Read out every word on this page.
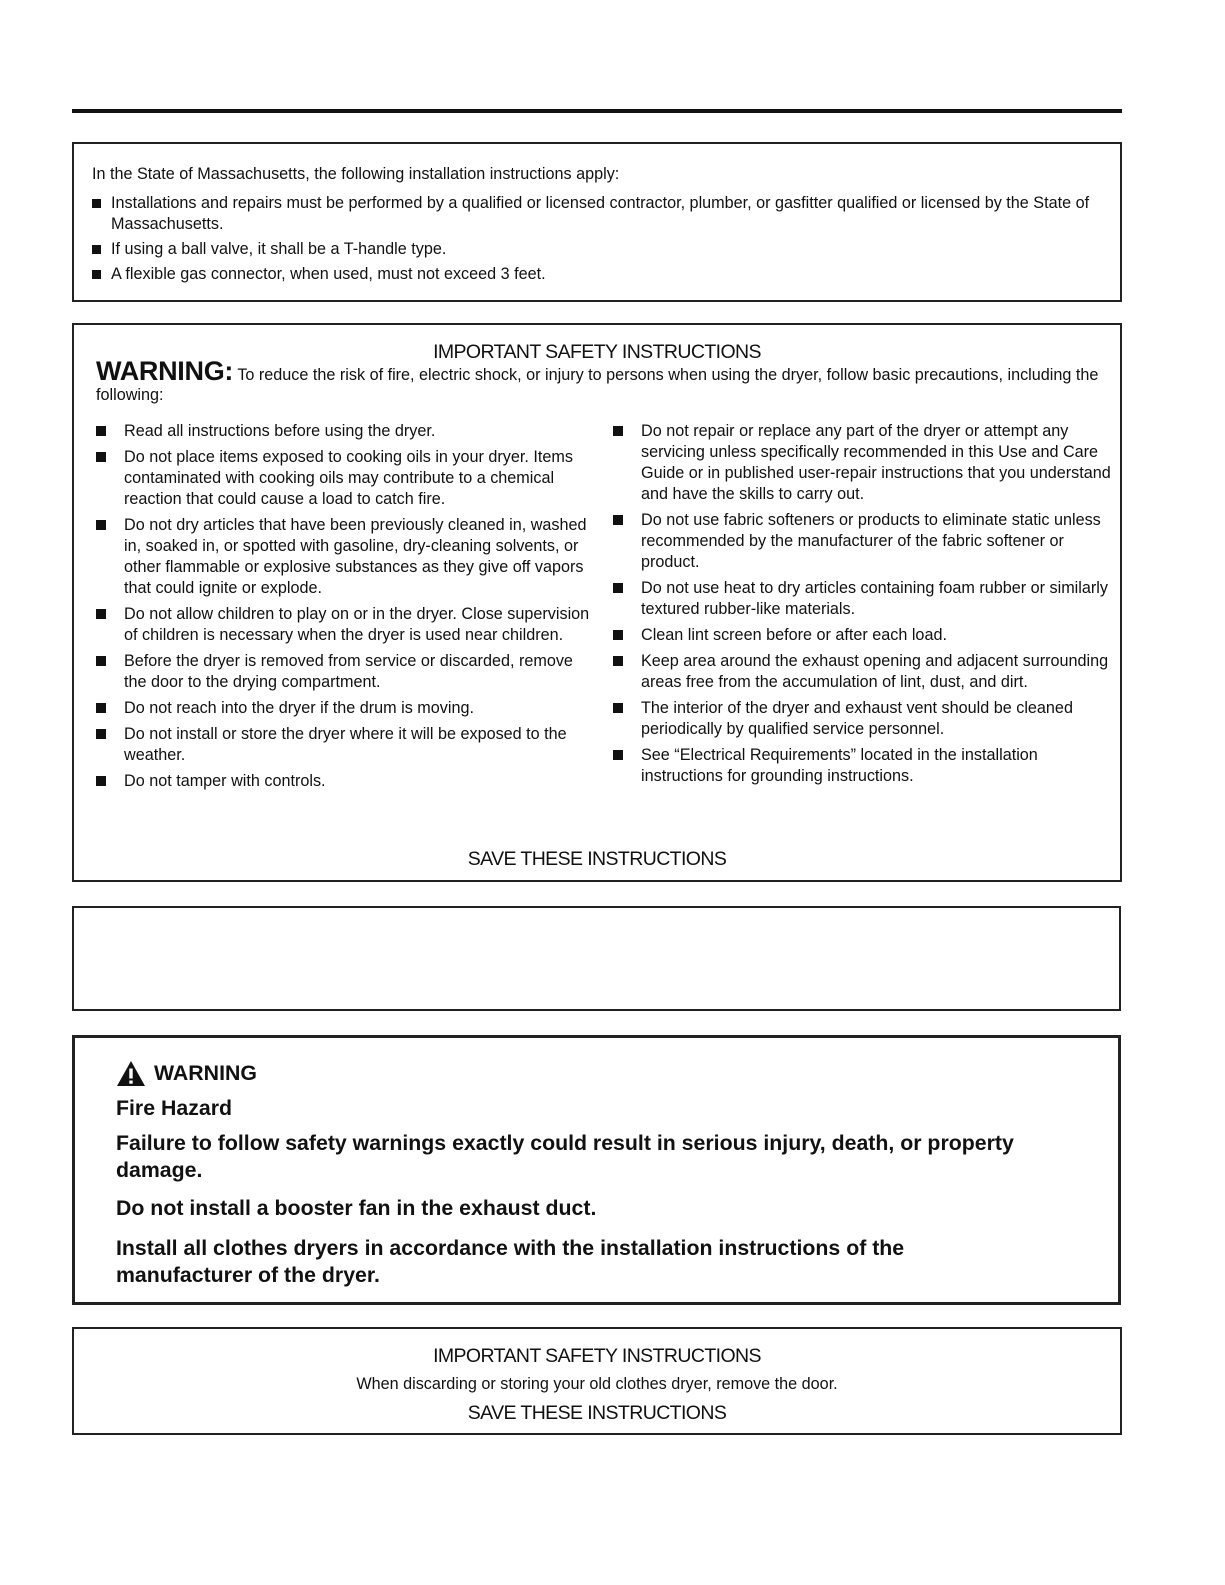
In the State of Massachusetts, the following installation instructions apply:

Installations and repairs must be performed by a qualified or licensed contractor, plumber, or gasfitter qualified or licensed by the State of Massachusetts.
If using a ball valve, it shall be a T-handle type.
A flexible gas connector, when used, must not exceed 3 feet.
IMPORTANT SAFETY INSTRUCTIONS
WARNING: To reduce the risk of fire, electric shock, or injury to persons when using the dryer, follow basic precautions, including the following:
Read all instructions before using the dryer.
Do not place items exposed to cooking oils in your dryer. Items contaminated with cooking oils may contribute to a chemical reaction that could cause a load to catch fire.
Do not dry articles that have been previously cleaned in, washed in, soaked in, or spotted with gasoline, dry-cleaning solvents, or other flammable or explosive substances as they give off vapors that could ignite or explode.
Do not allow children to play on or in the dryer. Close supervision of children is necessary when the dryer is used near children.
Before the dryer is removed from service or discarded, remove the door to the drying compartment.
Do not reach into the dryer if the drum is moving.
Do not install or store the dryer where it will be exposed to the weather.
Do not tamper with controls.
Do not repair or replace any part of the dryer or attempt any servicing unless specifically recommended in this Use and Care Guide or in published user-repair instructions that you understand and have the skills to carry out.
Do not use fabric softeners or products to eliminate static unless recommended by the manufacturer of the fabric softener or product.
Do not use heat to dry articles containing foam rubber or similarly textured rubber-like materials.
Clean lint screen before or after each load.
Keep area around the exhaust opening and adjacent surrounding areas free from the accumulation of lint, dust, and dirt.
The interior of the dryer and exhaust vent should be cleaned periodically by qualified service personnel.
See “Electrical Requirements” located in the installation instructions for grounding instructions.
SAVE THESE INSTRUCTIONS
WARNING
Fire Hazard
Failure to follow safety warnings exactly could result in serious injury, death, or property damage.
Do not install a booster fan in the exhaust duct.
Install all clothes dryers in accordance with the installation instructions of the manufacturer of the dryer.
IMPORTANT SAFETY INSTRUCTIONS
When discarding or storing your old clothes dryer, remove the door.
SAVE THESE INSTRUCTIONS
